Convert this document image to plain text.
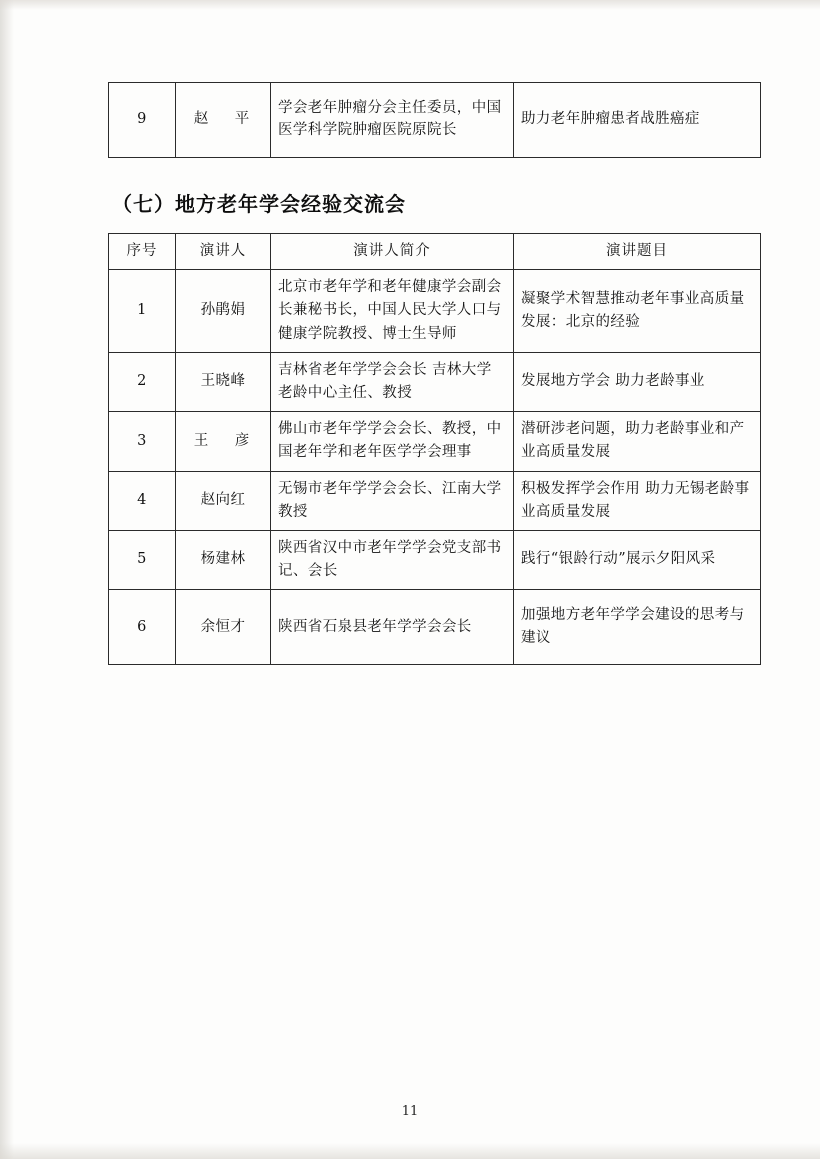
9	赵　平	学会老年肿瘤分会主任委员，中国医学科学院肿瘤医院原院长	助力老年肿瘤患者战胜癌症
（七）地方老年学会经验交流会
序号	演讲人	演讲人简介	演讲题目
1	孙鹃娟	北京市老年学和老年健康学会副会长兼秘书长，中国人民大学人口与健康学院教授、博士生导师	凝聚学术智慧推动老年事业高质量发展：北京的经验
2	王晓峰	吉林省老年学学会会长 吉林大学老龄中心主任、教授	发展地方学会 助力老龄事业
3	王　彦	佛山市老年学学会会长、教授，中国老年学和老年医学学会理事	潜研涉老问题，助力老龄事业和产业高质量发展
4	赵向红	无锡市老年学学会会长、江南大学教授	积极发挥学会作用 助力无锡老龄事业高质量发展
5	杨建林	陕西省汉中市老年学学会党支部书记、会长	践行“银龄行动”展示夕阳风采
6	余恒才	陕西省石泉县老年学学会会长	加强地方老年学学会建设的思考与建议
11
